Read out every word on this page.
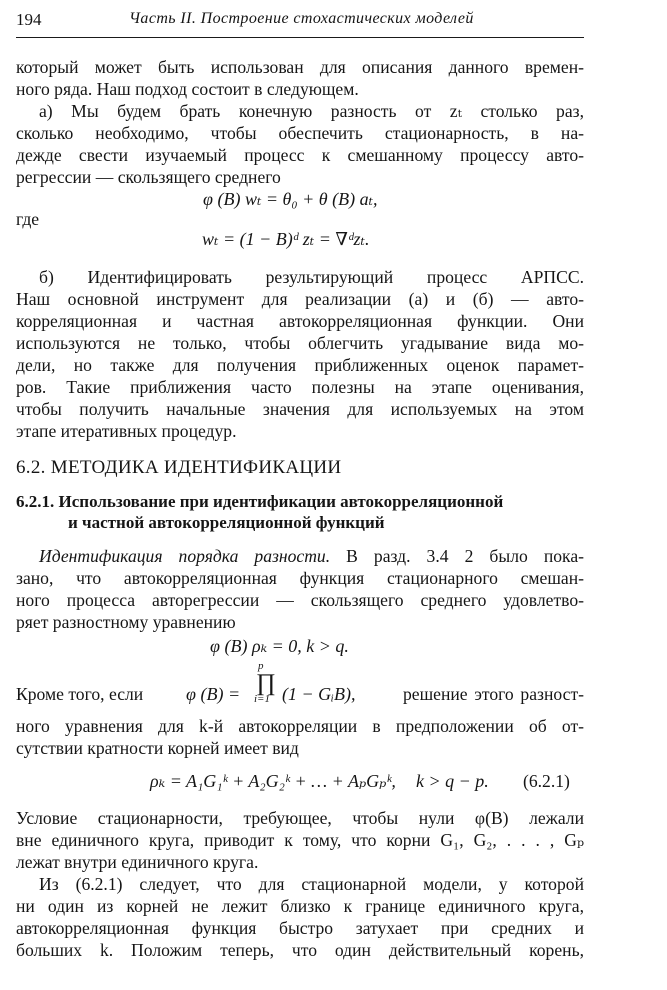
194	Часть II. Построение стохастических моделей
который может быть использован для описания данного времен-
ного ряда. Наш подход состоит в следующем.
а) Мы будем брать конечную разность от zₜ столько раз,
сколько необходимо, чтобы обеспечить стационарность, в на-
дежде свести изучаемый процесс к смешанному процессу авто-
регрессии — скользящего среднего
φ (B) wₜ = θ₀ + θ (B) aₜ,
где
wₜ = (1 − B)ᵈ zₜ = ∇ᵈzₜ.
б) Идентифицировать результирующий процесс АРПСС.
Наш основной инструмент для реализации (а) и (б) — авто-
корреляционная и частная автокорреляционная функции. Они
используются не только, чтобы облегчить угадывание вида мо-
дели, но также для получения приближенных оценок парамет-
ров. Такие приближения часто полезны на этапе оценивания,
чтобы получить начальные значения для используемых на этом
этапе итеративных процедур.
6.2. МЕТОДИКА ИДЕНТИФИКАЦИИ
6.2.1. Использование при идентификации автокорреляционной
и частной автокорреляционной функций
Идентификация порядка разности. В разд. 3.4 2 было пока-
зано, что автокорреляционная функция стационарного смешан-
ного процесса авторегрессии — скользящего среднего удовлетво-
ряет разностному уравнению
φ (B) ρₖ = 0, k > q.
Кроме того, если φ (B) =
p
∏
i=1 (1 − GᵢB),	решение этого разност-
ного уравнения для k-й автокорреляции в предположении об от-
сутствии кратности корней имеет вид
ρₖ = A₁G₁ᵏ + A₂G₂ᵏ + … + AₚGₚᵏ, k > q − p. (6.2.1)
Условие стационарности, требующее, чтобы нули φ(B) лежали
вне единичного круга, приводит к тому, что корни G₁, G₂, . . . , Gₚ
лежат внутри единичного круга.
Из (6.2.1) следует, что для стационарной модели, у которой
ни один из корней не лежит близко к границе единичного круга,
автокорреляционная функция быстро затухает при средних и
больших k. Положим теперь, что один действительный корень,
